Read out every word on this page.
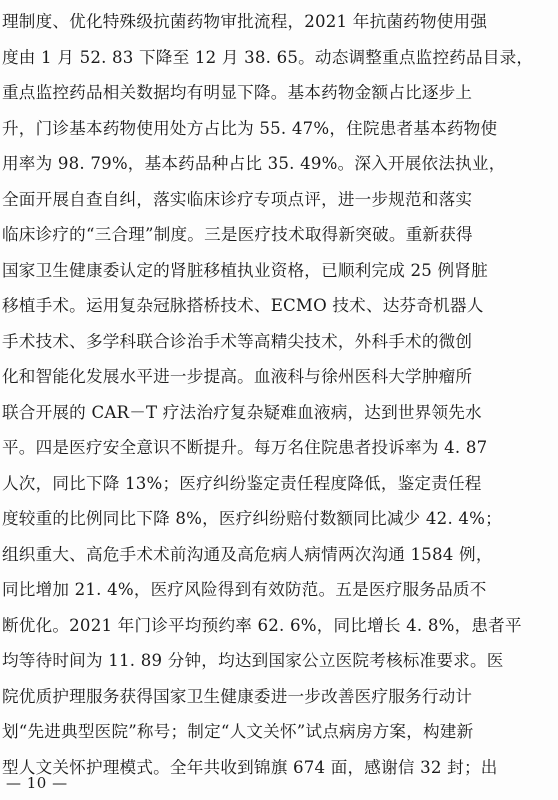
理制度、优化特殊级抗菌药物审批流程，2021 年抗菌药物使用强
度由 1 月 52. 83 下降至 12 月 38. 65。动态调整重点监控药品目录，
重点监控药品相关数据均有明显下降。基本药物金额占比逐步上
升，门诊基本药物使用处方占比为 55. 47%，住院患者基本药物使
用率为 98. 79%，基本药品种占比 35. 49%。深入开展依法执业，
全面开展自查自纠，落实临床诊疗专项点评，进一步规范和落实
临床诊疗的“三合理”制度。三是医疗技术取得新突破。重新获得
国家卫生健康委认定的肾脏移植执业资格，已顺利完成 25 例肾脏
移植手术。运用复杂冠脉搭桥技术、ECMO 技术、达芬奇机器人
手术技术、多学科联合诊治手术等高精尖技术，外科手术的微创
化和智能化发展水平进一步提高。血液科与徐州医科大学肿瘤所
联合开展的 CAR－T 疗法治疗复杂疑难血液病，达到世界领先水
平。四是医疗安全意识不断提升。每万名住院患者投诉率为 4. 87
人次，同比下降 13%；医疗纠纷鉴定责任程度降低，鉴定责任程
度较重的比例同比下降 8%，医疗纠纷赔付数额同比减少 42. 4%；
组织重大、高危手术术前沟通及高危病人病情两次沟通 1584 例，
同比增加 21. 4%，医疗风险得到有效防范。五是医疗服务品质不
断优化。2021 年门诊平均预约率 62. 6%，同比增长 4. 8%，患者平
均等待时间为 11. 89 分钟，均达到国家公立医院考核标准要求。医
院优质护理服务获得国家卫生健康委进一步改善医疗服务行动计
划“先进典型医院”称号；制定“人文关怀”试点病房方案，构建新
型人文关怀护理模式。全年共收到锦旗 674 面，感谢信 32 封；出
— 10 —
